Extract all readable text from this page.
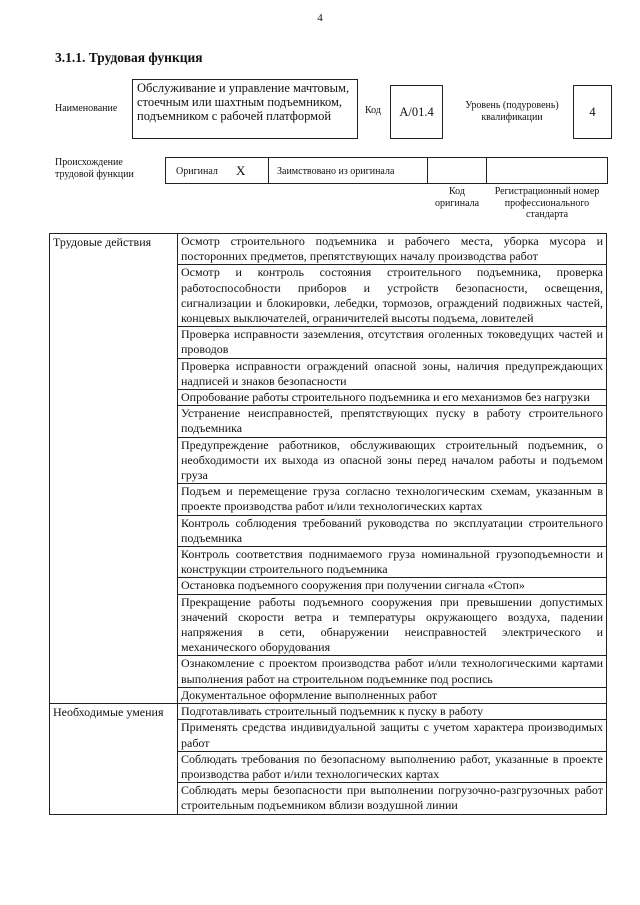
4
3.1.1. Трудовая функция
Наименование
Обслуживание и управление мачтовым, стоечным или шахтным подъемником, подъемником с рабочей платформой	Код	А/01.4	Уровень (подуровень) квалификации	4
Происхождение трудовой функции	Оригинал Х	Заимствовано из оригинала
Код оригинала
Регистрационный номер профессионального стандарта
Трудовые действия	Осмотр строительного подъемника и рабочего места, уборка мусора и посторонних предметов, препятствующих началу производства работ
	Осмотр и контроль состояния строительного подъемника, проверка работоспособности приборов и устройств безопасности, освещения, сигнализации и блокировки, лебедки, тормозов, ограждений подвижных частей, концевых выключателей, ограничителей высоты подъема, ловителей
	Проверка исправности заземления, отсутствия оголенных токоведущих частей и проводов
	Проверка исправности ограждений опасной зоны, наличия предупреждающих надписей и знаков безопасности
	Опробование работы строительного подъемника и его механизмов без нагрузки
	Устранение неисправностей, препятствующих пуску в работу строительного подъемника
	Предупреждение работников, обслуживающих строительный подъемник, о необходимости их выхода из опасной зоны перед началом работы и подъемом груза
	Подъем и перемещение груза согласно технологическим схемам, указанным в проекте производства работ и/или технологических картах
	Контроль соблюдения требований руководства по эксплуатации строительного подъемника
	Контроль соответствия поднимаемого груза номинальной грузоподъемности и конструкции строительного подъемника
	Остановка подъемного сооружения при получении сигнала «Стоп»
	Прекращение работы подъемного сооружения при превышении допустимых значений скорости ветра и температуры окружающего воздуха, падении напряжения в сети, обнаружении неисправностей электрического и механического оборудования
	Ознакомление с проектом производства работ и/или технологическими картами выполнения работ на строительном подъемнике под роспись
	Документальное оформление выполненных работ
Необходимые умения	Подготавливать строительный подъемник к пуску в работу
	Применять средства индивидуальной защиты с учетом характера производимых работ
	Соблюдать требования по безопасному выполнению работ, указанные в проекте производства работ и/или технологических картах
	Соблюдать меры безопасности при выполнении погрузочно-разгрузочных работ строительным подъемником вблизи воздушной линии
